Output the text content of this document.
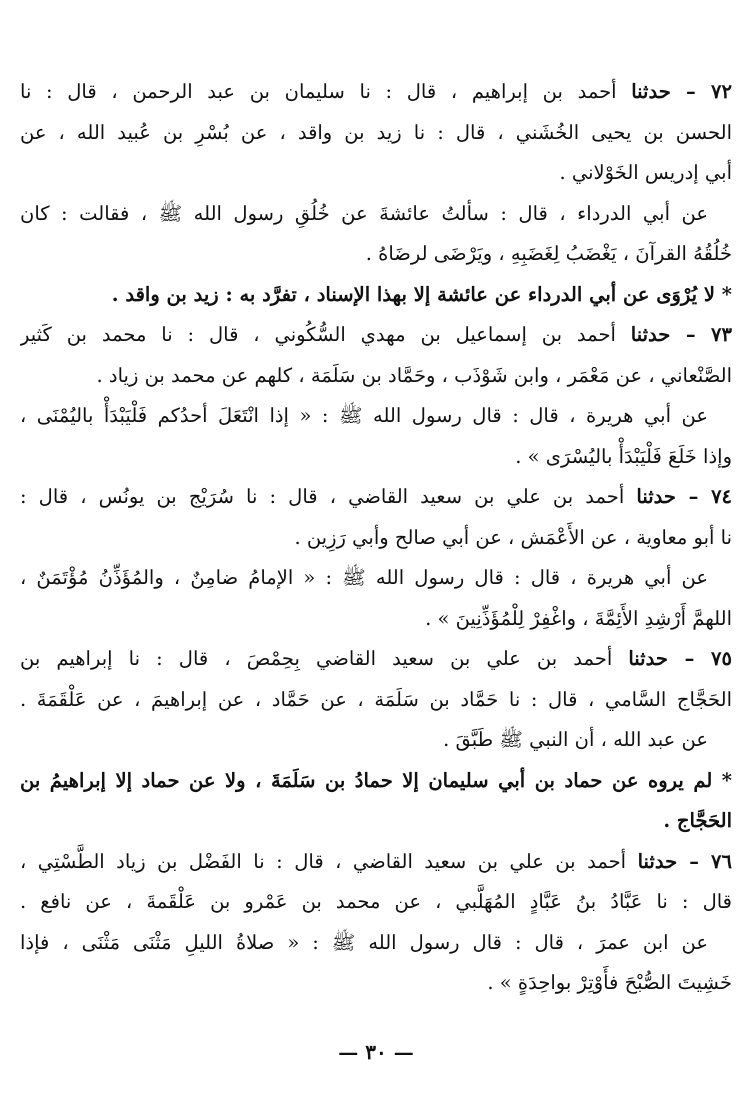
٧٢ – حدثنا أحمد بن إبراهيم ، قال : نا سليمان بن عبد الرحمن ، قال : نا
الحسن بن يحيى الخُشَني ، قال : نا زيد بن واقد ، عن بُسْرِ بن عُبيد الله ، عن
أبي إدريس الخَوْلاني .
عن أبي الدرداء ، قال : سألتُ عائشةَ عن خُلُقِ رسول الله ﷺ ، فقالت : كان
خُلُقُهُ القرآنَ ، يَغْضَبُ لِغَضَبِهِ ، ويَرْضَى لرضَاهُ .
* لا يُرْوَى عن أبي الدرداء عن عائشة إلا بهذا الإسناد ، تفرَّد به : زيد بن واقد .
٧٣ – حدثنا أحمد بن إسماعيل بن مهدي السُّكُوني ، قال : نا محمد بن كَثير
الصَّنْعاني ، عن مَعْمَر ، وابن شَوْذَب ، وحَمَّاد بن سَلَمَة ، كلهم عن محمد بن زياد .
عن أبي هريرة ، قال : قال رسول الله ﷺ : « إذا انْتَعَلَ أحدُكم فَلْيَبْدَأْ باليُمْنَى ،
وإذا خَلَعَ فَلْيَبْدَأْ باليُسْرَى » .
٧٤ – حدثنا أحمد بن علي بن سعيد القاضي ، قال : نا سُرَيْج بن يونُس ، قال :
نا أبو معاوية ، عن الأَعْمَش ، عن أبي صالح وأبي رَزِين .
عن أبي هريرة ، قال : قال رسول الله ﷺ : « الإمامُ ضامِنٌ ، والمُؤَذِّنُ مُؤْتَمَنٌ ،
اللهمَّ أَرْشِدِ الأَئِمَّةَ ، واغْفِرْ لِلْمُؤَذِّنِينَ » .
٧٥ – حدثنا أحمد بن علي بن سعيد القاضي بِحِمْصَ ، قال : نا إبراهيم بن
الحَجَّاج السَّامي ، قال : نا حَمَّاد بن سَلَمَة ، عن حَمَّاد ، عن إبراهيمَ ، عن عَلْقَمَةَ .
عن عبد الله ، أن النبي ﷺ طَبَّقَ .
* لم يروه عن حماد بن أبي سليمان إلا حمادُ بن سَلَمَةَ ، ولا عن حماد إلا إبراهيمُ بن
الحَجَّاج .
٧٦ – حدثنا أحمد بن علي بن سعيد القاضي ، قال : نا الفَضْل بن زياد الطَّسْتِي ،
قال : نا عَبَّادُ بنُ عَبَّادٍ المُهَلَّبي ، عن محمد بن عَمْرو بن عَلْقَمةَ ، عن نافع .
عن ابن عمرَ ، قال : قال رسول الله ﷺ : « صلاةُ الليلِ مَثْنَى مَثْنَى ، فإذا
خَشِيتَ الصُّبْحَ فأَوْتِرْ بواحِدَةٍ » .
— ٣٠ —
